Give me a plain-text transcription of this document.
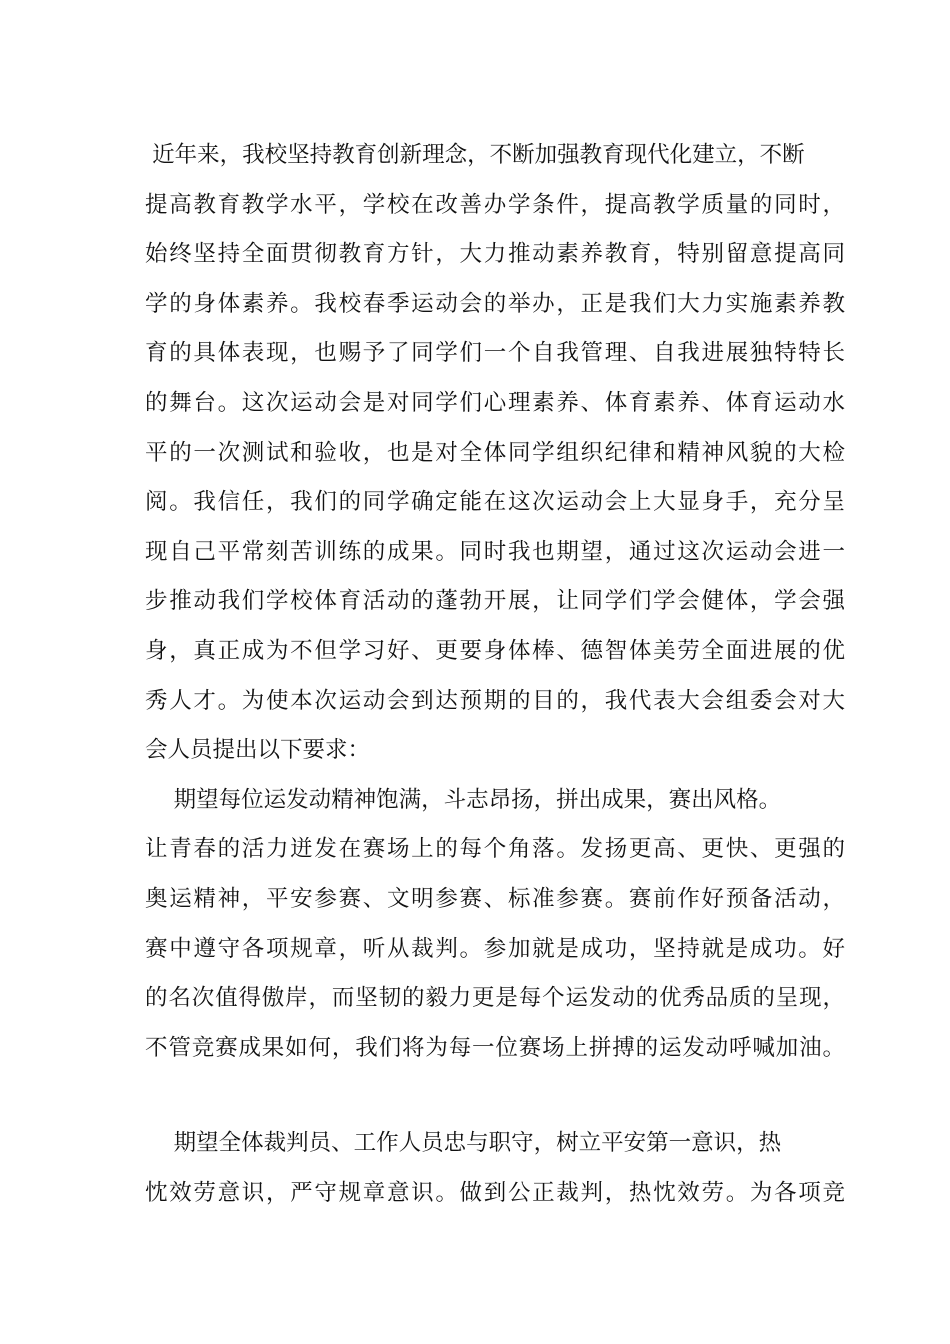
近年来，我校坚持教育创新理念，不断加强教育现代化建立，不断

提高教育教学水平，学校在改善办学条件，提高教学质量的同时，

始终坚持全面贯彻教育方针，大力推动素养教育，特别留意提高同

学的身体素养。我校春季运动会的举办，正是我们大力实施素养教

育的具体表现，也赐予了同学们一个自我管理、自我进展独特特长

的舞台。这次运动会是对同学们心理素养、体育素养、体育运动水

平的一次测试和验收，也是对全体同学组织纪律和精神风貌的大检

阅。我信任，我们的同学确定能在这次运动会上大显身手，充分呈

现自己平常刻苦训练的成果。同时我也期望，通过这次运动会进一

步推动我们学校体育活动的蓬勃开展，让同学们学会健体，学会强

身，真正成为不但学习好、更要身体棒、德智体美劳全面进展的优

秀人才。为使本次运动会到达预期的目的，我代表大会组委会对大

会人员提出以下要求：

期望每位运发动精神饱满，斗志昂扬，拼出成果，赛出风格。

让青春的活力迸发在赛场上的每个角落。发扬更高、更快、更强的

奥运精神，平安参赛、文明参赛、标准参赛。赛前作好预备活动，

赛中遵守各项规章，听从裁判。参加就是成功，坚持就是成功。好

的名次值得傲岸，而坚韧的毅力更是每个运发动的优秀品质的呈现，

不管竞赛成果如何，我们将为每一位赛场上拼搏的运发动呼喊加油。

期望全体裁判员、工作人员忠与职守，树立平安第一意识，热

忱效劳意识，严守规章意识。做到公正裁判，热忱效劳。为各项竞
